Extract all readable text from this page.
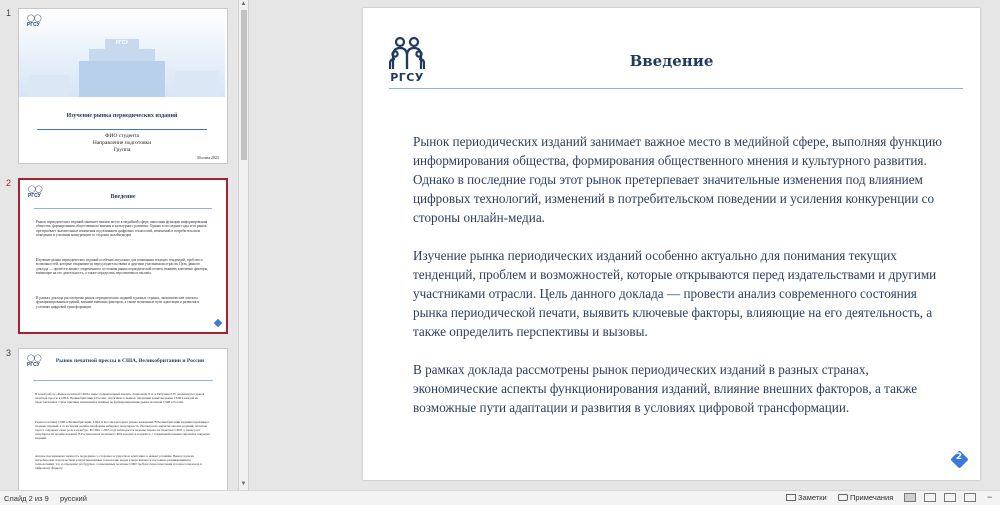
1
РГСУ
◯◯
РГСУ
Изучение рынка периодических изданий
ФИО студента
Направление подготовки
Группа
Москва 2025
2
◯◯
РГСУ	Введение
Рынок периодических изданий занимает важное место в медийной сфере, выполняя функцию информирования общества, формирования общественного мнения и культурного развития. Однако в последние годы этот рынок претерпевает значительные изменения под влиянием цифровых технологий, изменений в потребительском поведении и усиления конкуренции со стороны онлайн-медиа.
Изучение рынка периодических изданий особенно актуально для понимания текущих тенденций, проблем и возможностей, которые открываются перед издательствами и другими участниками отрасли. Цель данного доклада — провести анализ современного состояния рынка периодической печати, выявить ключевые факторы, влияющие на его деятельность, а также определить перспективы и вызовы.
В рамках доклада рассмотрены рынок периодических изданий в разных странах, экономические аспекты функционирования изданий, влияние внешних факторов, а также возможные пути адаптации и развития в условиях цифровой трансформации.
3
◯◯
РГСУ
Рынок печатной прессы в США, Великобритании и России
В своей работе «Рынок печатной СМИ в мире: сравнительный анализ» Ларионова Л.А. и Рябухина Е.Н. анализируют рынок печатной прессы в США, Великобритании и России, затрагивая основные тенденции развития рынка СМИ в каждой из представленных стран, причины изменений и влияние на функционирование рынка печатной СМИ в России.
Рынок печатных СМИ в Великобритании, США и России претерпел резкие изменения. В Великобритании издания переживают падение тиражей, в то же время онлайн-платформы набирают популярность. Несмотря на закрытие многих изданий, печатная пресса сохраняет свою роль в культуре. В США с 2005 года наблюдается падение тиража на печатные СМИ, а также рост популярности онлайн-изданий. В России рынок печатных СМИ находится в кризисе, с тенденцией падения тиражей и закрытия изданий.
Авторы подчеркивают важность поддержки со стороны государства и адаптацию к новым условиям. Вывод: всем их потребителям, издательствам и интегрированные технологии, медиа в мире являются постоянно развивающимися технологиями, что и определяет их будущее. Современные печатные СМИ требуют переосмысления и полного перехода к цифровому формату.
▲
▼
РГСУ
Введение

Рынок периодических изданий занимает важное место в медийной сфере, выполняя функцию информирования общества, формирования общественного мнения и культурного развития. Однако в последние годы этот рынок претерпевает значительные изменения под влиянием цифровых технологий, изменений в потребительском поведении и усиления конкуренции со стороны онлайн-медиа.

Изучение рынка периодических изданий особенно актуально для понимания текущих тенденций, проблем и возможностей, которые открываются перед издательствами и другими участниками отрасли. Цель данного доклада — провести анализ современного состояния рынка периодической печати, выявить ключевые факторы, влияющие на его деятельность, а также определить перспективы и вызовы.

В рамках доклада рассмотрены рынок периодических изданий в разных странах, экономические аспекты функционирования изданий, влияние внешних факторов, а также возможные пути адаптации и развития в условиях цифровой трансформации.

2
Слайд 2 из 9 русский	Заметки	Примечания	−
